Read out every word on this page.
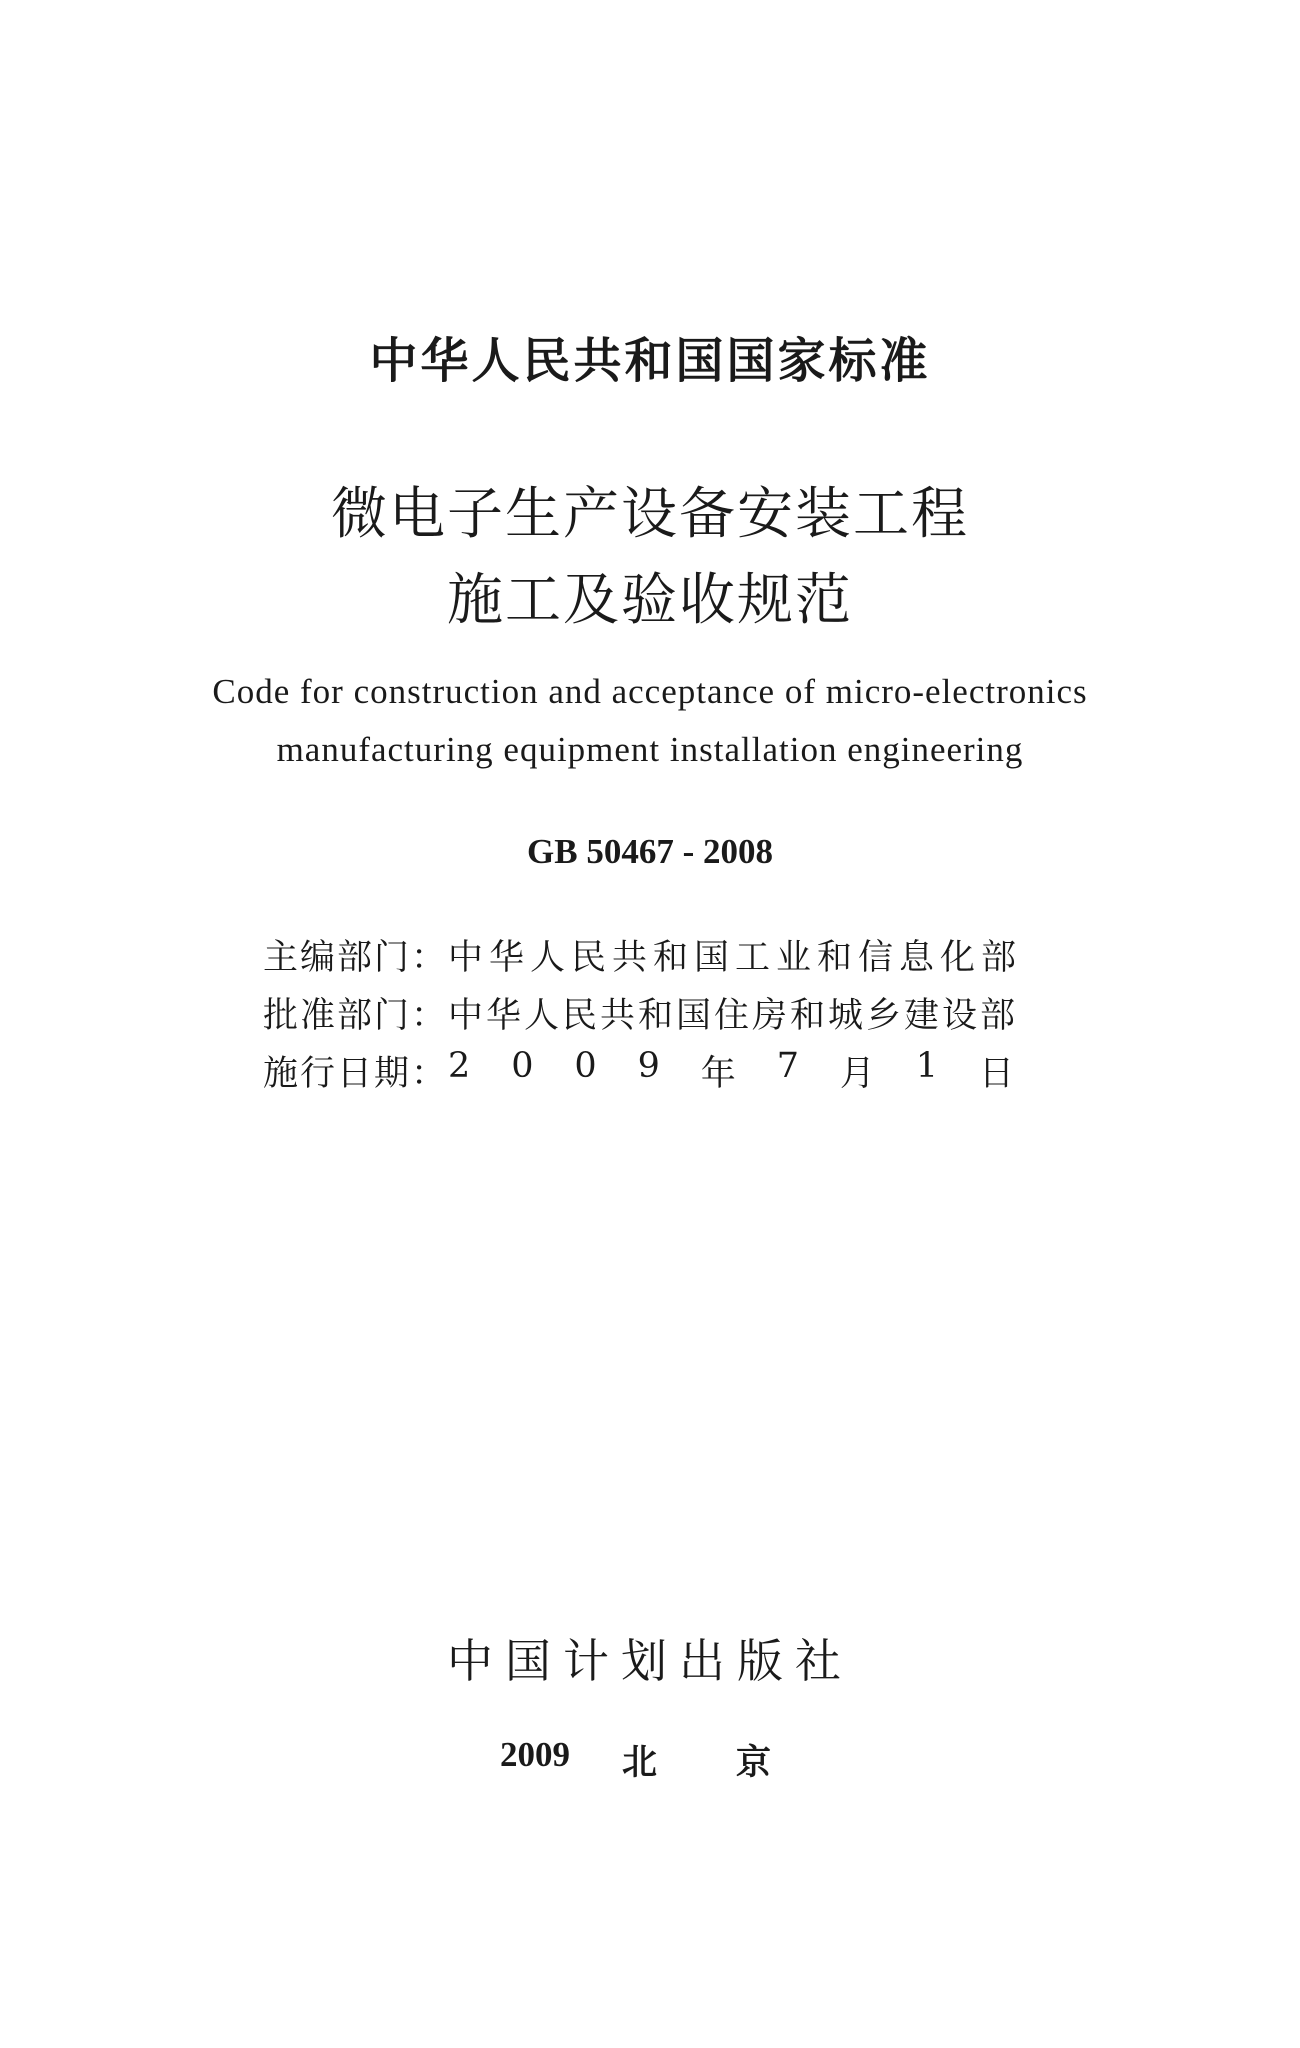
中华人民共和国国家标准
微电子生产设备安装工程
施工及验收规范
Code for construction and acceptance of micro-electronics
manufacturing equipment installation engineering
GB 50467 - 2008
主编部门： 中华人民共和国工业和信息化部
批准部门： 中华人民共和国住房和城乡建设部
施行日期： 2 0 0 9 年 7 月 1 日
中国计划出版社
2009 北 京
